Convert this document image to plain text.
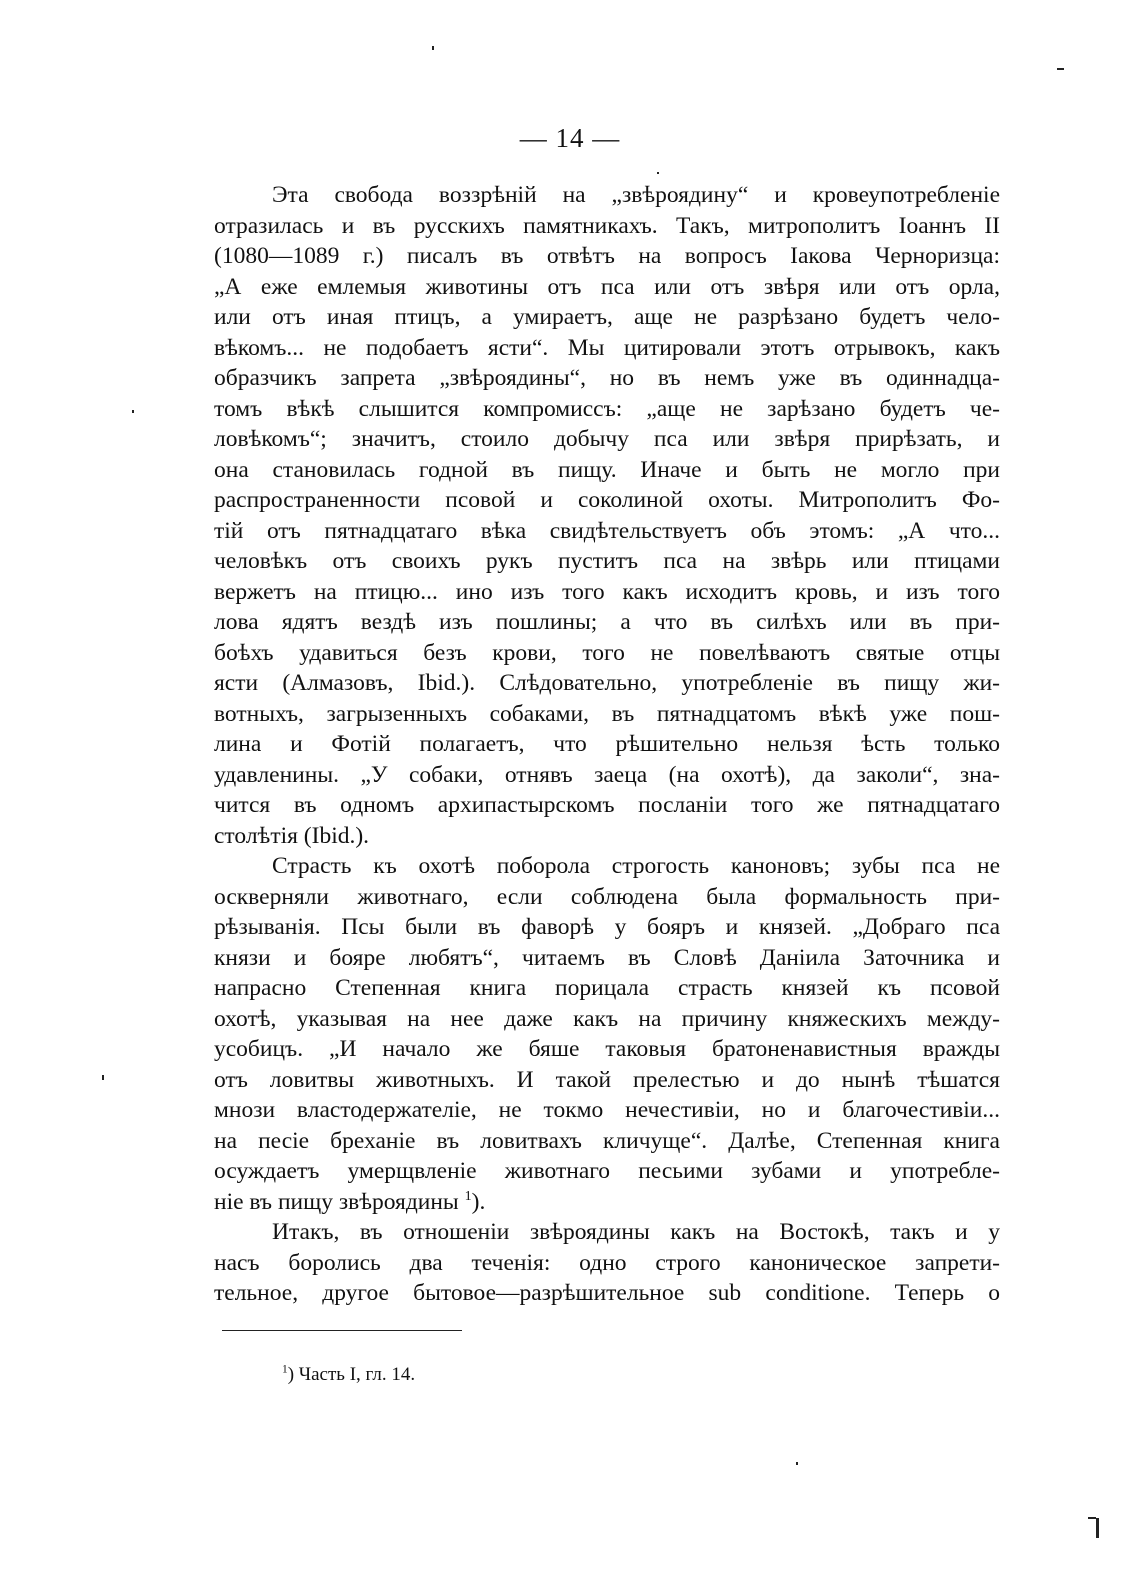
— 14 —
Эта свобода воззрѣній на „звѣроядину“ и кровеупотребленіе
отразилась и въ русскихъ памятникахъ. Такъ, митрополитъ Іоаннъ II
(1080—1089 г.) писалъ въ отвѣтъ на вопросъ Іакова Черноризца:
„А еже емлемыя животины отъ пса или отъ звѣря или отъ орла,
или отъ иная птицъ, а умираетъ, аще не разрѣзано будетъ чело-
вѣкомъ... не подобаетъ ясти“. Мы цитировали этотъ отрывокъ, какъ
образчикъ запрета „звѣроядины“, но въ немъ уже въ одиннадца-
томъ вѣкѣ слышится компромиссъ: „аще не зарѣзано будетъ че-
ловѣкомъ“; значитъ, стоило добычу пса или звѣря прирѣзать, и
она становилась годной въ пищу. Иначе и быть не могло при
распространенности псовой и соколиной охоты. Митрополитъ Фо-
тій отъ пятнадцатаго вѣка свидѣтельствуетъ объ этомъ: „А что...
человѣкъ отъ своихъ рукъ пуститъ пса на звѣрь или птицами
вержетъ на птицю... ино изъ того какъ исходитъ кровь, и изъ того
лова ядятъ вездѣ изъ пошлины; а что въ силѣхъ или въ при-
боѣхъ удавиться безъ крови, того не повелѣваютъ святые отцы
ясти (Алмазовъ, Ibid.). Слѣдовательно, употребленіе въ пищу жи-
вотныхъ, загрызенныхъ собаками, въ пятнадцатомъ вѣкѣ уже пош-
лина и Фотій полагаетъ, что рѣшительно нельзя ѣсть только
удавленины. „У собаки, отнявъ заеца (на охотѣ), да заколи“, зна-
чится въ одномъ архипастырскомъ посланіи того же пятнадцатаго
столѣтія (Ibid.).
Страсть къ охотѣ поборола строгость каноновъ; зубы пса не
оскверняли животнаго, если соблюдена была формальность при-
рѣзыванія. Псы были въ фаворѣ у бояръ и князей. „Добраго пса
князи и бояре любятъ“, читаемъ въ Словѣ Даніила Заточника и
напрасно Степенная книга порицала страсть князей къ псовой
охотѣ, указывая на нее даже какъ на причину княжескихъ между-
усобицъ. „И начало же бяше таковыя братоненавистныя вражды
отъ ловитвы животныхъ. И такой прелестью и до нынѣ тѣшатся
мнози властодержателіе, не токмо нечестивіи, но и благочестивіи...
на песіе бреханіе въ ловитвахъ кличуще“. Далѣе, Степенная книга
осуждаетъ умерщвленіе животнаго песьими зубами и употребле-
ніе въ пищу звѣроядины $^1$).
Итакъ, въ отношеніи звѣроядины какъ на Востокѣ, такъ и у
насъ боролись два теченія: одно строго каноническое запрети-
тельное, другое бытовое—разрѣшительное sub conditione. Теперь о
$^1$) Часть I, гл. 14.
